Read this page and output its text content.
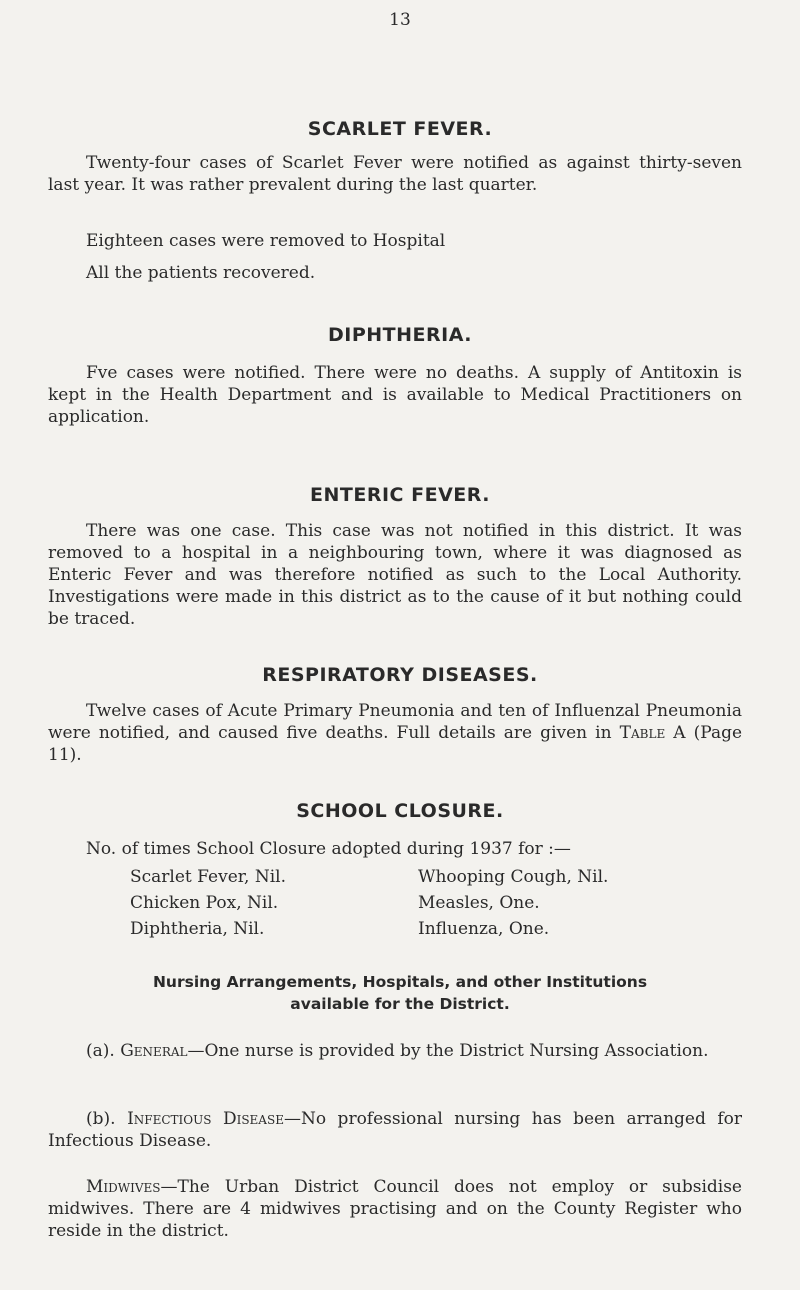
13
SCARLET FEVER.
Twenty-four cases of Scarlet Fever were notified as against thirty-seven last year. It was rather prevalent during the last quarter.
Eighteen cases were removed to Hospital
All the patients recovered.
DIPHTHERIA.
Fve cases were notified. There were no deaths. A supply of Antitoxin is kept in the Health Department and is available to Medical Practitioners on application.
ENTERIC FEVER.
There was one case. This case was not notified in this district. It was removed to a hospital in a neighbouring town, where it was diagnosed as Enteric Fever and was therefore notified as such to the Local Authority. Investigations were made in this district as to the cause of it but nothing could be traced.
RESPIRATORY DISEASES.
Twelve cases of Acute Primary Pneumonia and ten of Influenzal Pneumonia were notified, and caused five deaths. Full details are given in Table A (Page 11).
SCHOOL CLOSURE.
No. of times School Closure adopted during 1937 for :—
Scarlet Fever, Nil.
Chicken Pox, Nil.
Diphtheria, Nil.
Whooping Cough, Nil.
Measles, One.
Influenza, One.
Nursing Arrangements, Hospitals, and other Institutions
available for the District.
(a). General—One nurse is provided by the District Nursing Association.
(b). Infectious Disease—No professional nursing has been arranged for Infectious Disease.
Midwives—The Urban District Council does not employ or subsidise midwives. There are 4 midwives practising and on the County Register who reside in the district.
